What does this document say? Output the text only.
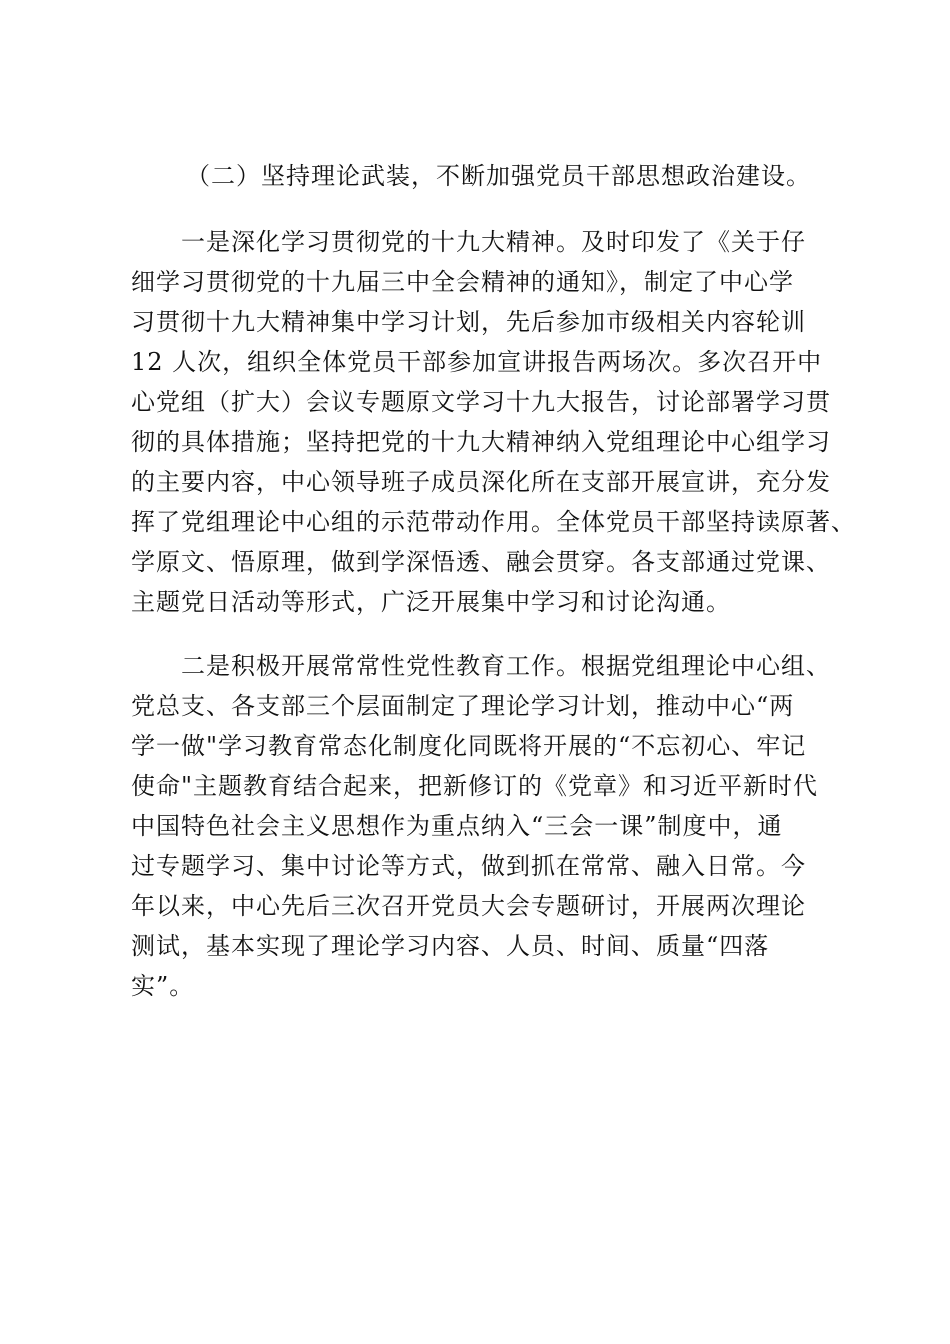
（二）坚持理论武装，不断加强党员干部思想政治建设。
　　一是深化学习贯彻党的十九大精神。及时印发了《关于仔
细学习贯彻党的十九届三中全会精神的通知》，制定了中心学
习贯彻十九大精神集中学习计划，先后参加市级相关内容轮训
12 人次，组织全体党员干部参加宣讲报告两场次。多次召开中
心党组（扩大）会议专题原文学习十九大报告，讨论部署学习贯
彻的具体措施；坚持把党的十九大精神纳入党组理论中心组学习
的主要内容，中心领导班子成员深化所在支部开展宣讲，充分发
挥了党组理论中心组的示范带动作用。全体党员干部坚持读原著、
学原文、悟原理，做到学深悟透、融会贯穿。各支部通过党课、
主题党日活动等形式，广泛开展集中学习和讨论沟通。
　　二是积极开展常常性党性教育工作。根据党组理论中心组、
党总支、各支部三个层面制定了理论学习计划，推动中心“两
学一做"学习教育常态化制度化同既将开展的“不忘初心、牢记
使命"主题教育结合起来，把新修订的《党章》和习近平新时代
中国特色社会主义思想作为重点纳入“三会一课”制度中，通
过专题学习、集中讨论等方式，做到抓在常常、融入日常。今
年以来，中心先后三次召开党员大会专题研讨，开展两次理论
测试，基本实现了理论学习内容、人员、时间、质量“四落
实”。
